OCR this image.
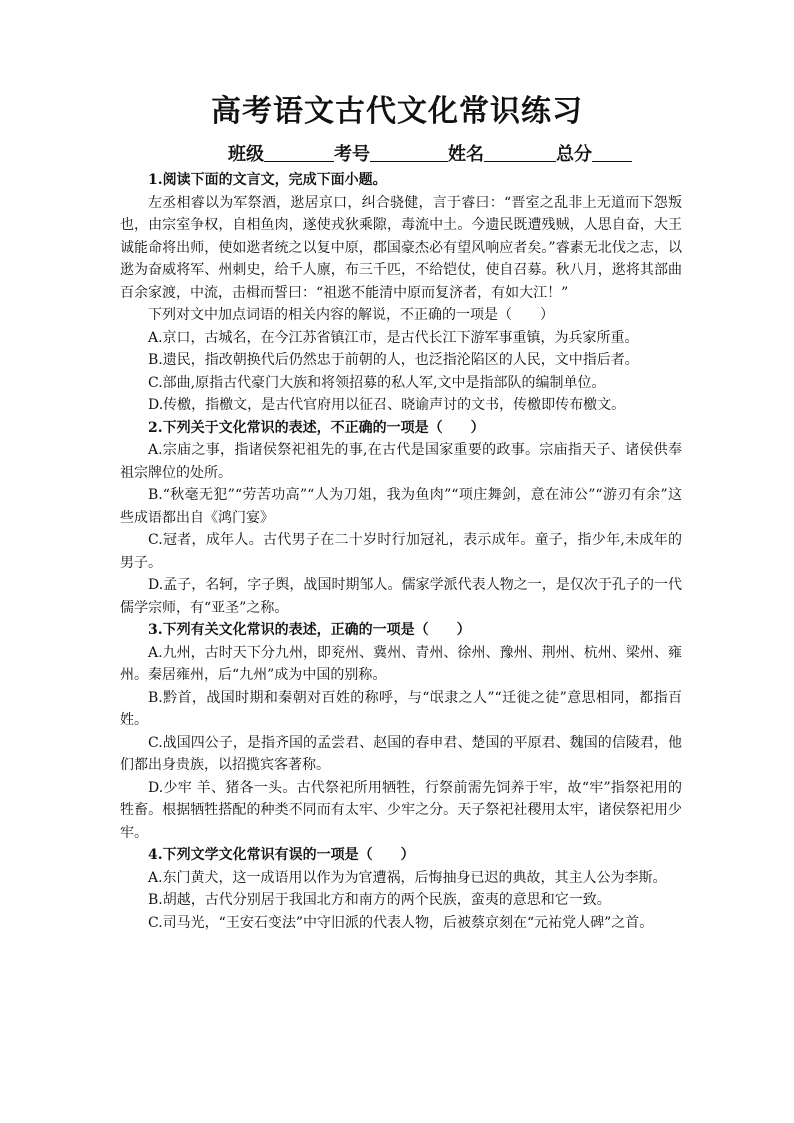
高考语文古代文化常识练习
班级	考号	姓名	总分

1.阅读下面的文言文，完成下面小题。

左丞相睿以为军祭酒，逖居京口，纠合骁健，言于睿曰：“晋室之乱非上无道而下怨叛也，由宗室争权，自相鱼肉，遂使戎狄乘隙，毒流中土。今遗民既遭残贼，人思自奋，大王诚能命将出师，使如逖者统之以复中原，郡国豪杰必有望风响应者矣。”睿素无北伐之志，以逖为奋威将军、州刺史，给千人廪，布三千匹，不给铠仗，使自召募。秋八月，逖将其部曲百余家渡，中流，击楫而誓曰：“祖逖不能清中原而复济者，有如大江！”

下列对文中加点词语的相关内容的解说，不正确的一项是（　　）

A.京口，古城名，在今江苏省镇江市，是古代长江下游军事重镇，为兵家所重。

B.遗民，指改朝换代后仍然忠于前朝的人，也泛指沦陷区的人民，文中指后者。

C.部曲,原指古代豪门大族和将领招募的私人军,文中是指部队的编制单位。

D.传檄，指檄文，是古代官府用以征召、晓谕声讨的文书，传檄即传布檄文。

2.下列关于文化常识的表述，不正确的一项是（　　）

A.宗庙之事，指诸侯祭祀祖先的事,在古代是国家重要的政事。宗庙指天子、诸侯供奉祖宗牌位的处所。

B.“秋毫无犯”“劳苦功高”“人为刀俎，我为鱼肉”“项庄舞剑，意在沛公”“游刃有余”这些成语都出自《鸿门宴》

C.冠者，成年人。古代男子在二十岁时行加冠礼，表示成年。童子，指少年,未成年的男子。

D.孟子，名轲，字子舆，战国时期邹人。儒家学派代表人物之一，是仅次于孔子的一代儒学宗师，有“亚圣”之称。

3.下列有关文化常识的表述，正确的一项是（　　）

A.九州，古时天下分九州，即兖州、冀州、青州、徐州、豫州、荆州、杭州、梁州、雍州。秦居雍州，后“九州”成为中国的别称。

B.黔首，战国时期和秦朝对百姓的称呼，与“氓隶之人”“迁徙之徒”意思相同，都指百姓。

C.战国四公子，是指齐国的孟尝君、赵国的春申君、楚国的平原君、魏国的信陵君，他们都出身贵族，以招揽宾客著称。

D.少牢 羊、猪各一头。古代祭祀所用牺牲，行祭前需先饲养于牢，故“牢”指祭祀用的牲畜。根据牺牲搭配的种类不同而有太牢、少牢之分。天子祭祀社稷用太牢，诸侯祭祀用少牢。

4.下列文学文化常识有误的一项是（　　）

A.东门黄犬，这一成语用以作为为官遭祸，后悔抽身已迟的典故，其主人公为李斯。

B.胡越，古代分别居于我国北方和南方的两个民族，蛮夷的意思和它一致。

C.司马光，“王安石变法”中守旧派的代表人物，后被蔡京刻在“元祐党人碑”之首。
